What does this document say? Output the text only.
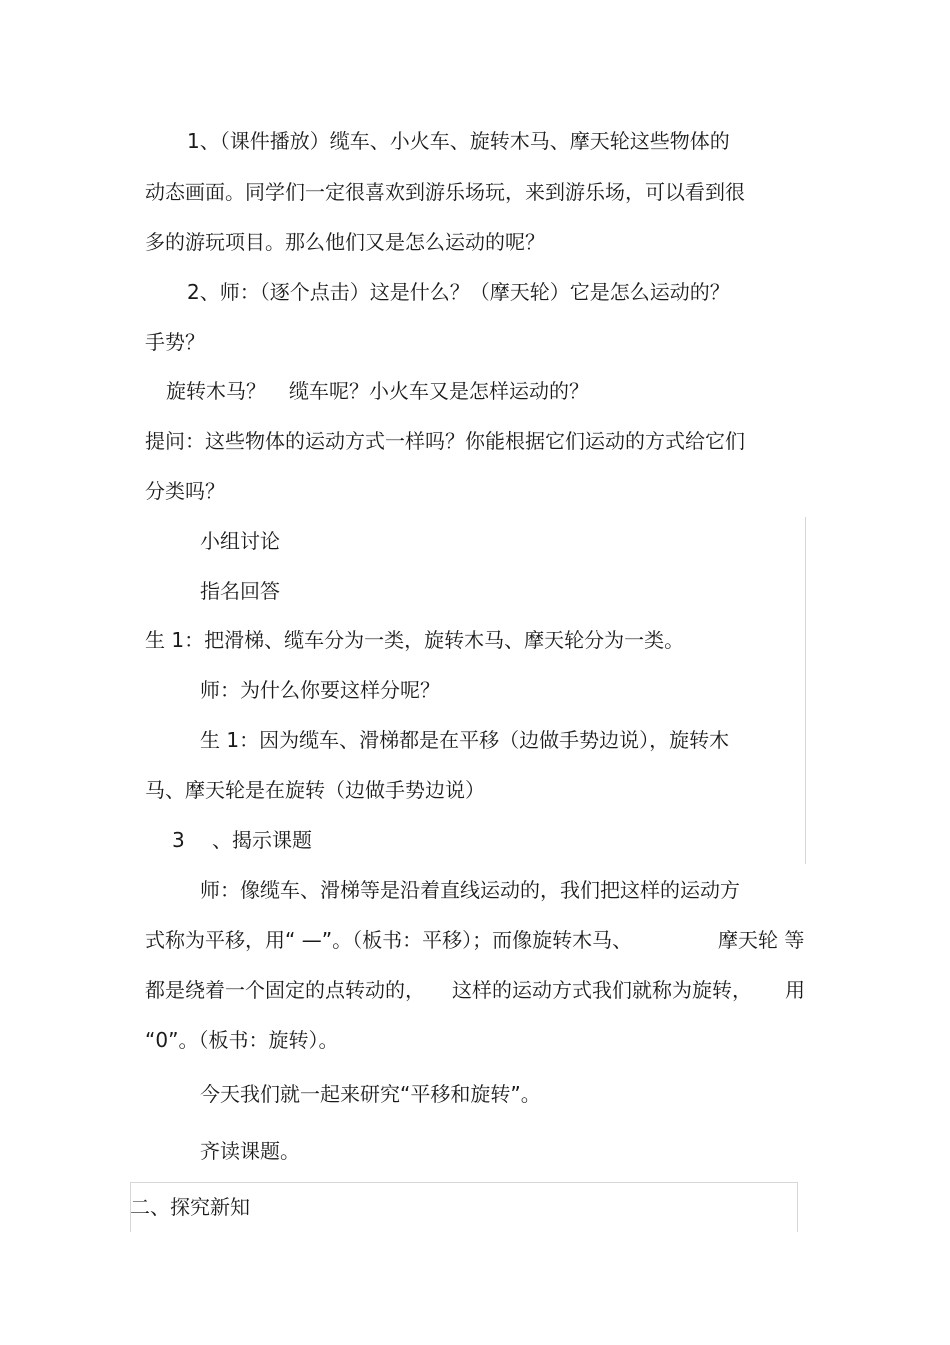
1、（课件播放）缆车、小火车、旋转木马、摩天轮这些物体的
动态画面。同学们一定很喜欢到游乐场玩，来到游乐场，可以看到很
多的游玩项目。那么他们又是怎么运动的呢？
2、师：（逐个点击）这是什么？（摩天轮）它是怎么运动的？
手势？
旋转木马？ 缆车呢？小火车又是怎样运动的？
提问：这些物体的运动方式一样吗？你能根据它们运动的方式给它们
分类吗？
小组讨论
指名回答
生 1：把滑梯、缆车分为一类，旋转木马、摩天轮分为一类。
师：为什么你要这样分呢？
生 1：因为缆车、滑梯都是在平移（边做手势边说），旋转木
马、摩天轮是在旋转（边做手势边说）
3 、揭示课题
师：像缆车、滑梯等是沿着直线运动的，我们把这样的运动方
式称为平移，用“ —”。（板书：平移）；而像旋转木马、	摩天轮 等
都是绕着一个固定的点转动的， 这样的运动方式我们就称为旋转， 用
“0”。（板书：旋转）。
今天我们就一起来研究“平移和旋转”。
齐读课题。
二、探究新知
